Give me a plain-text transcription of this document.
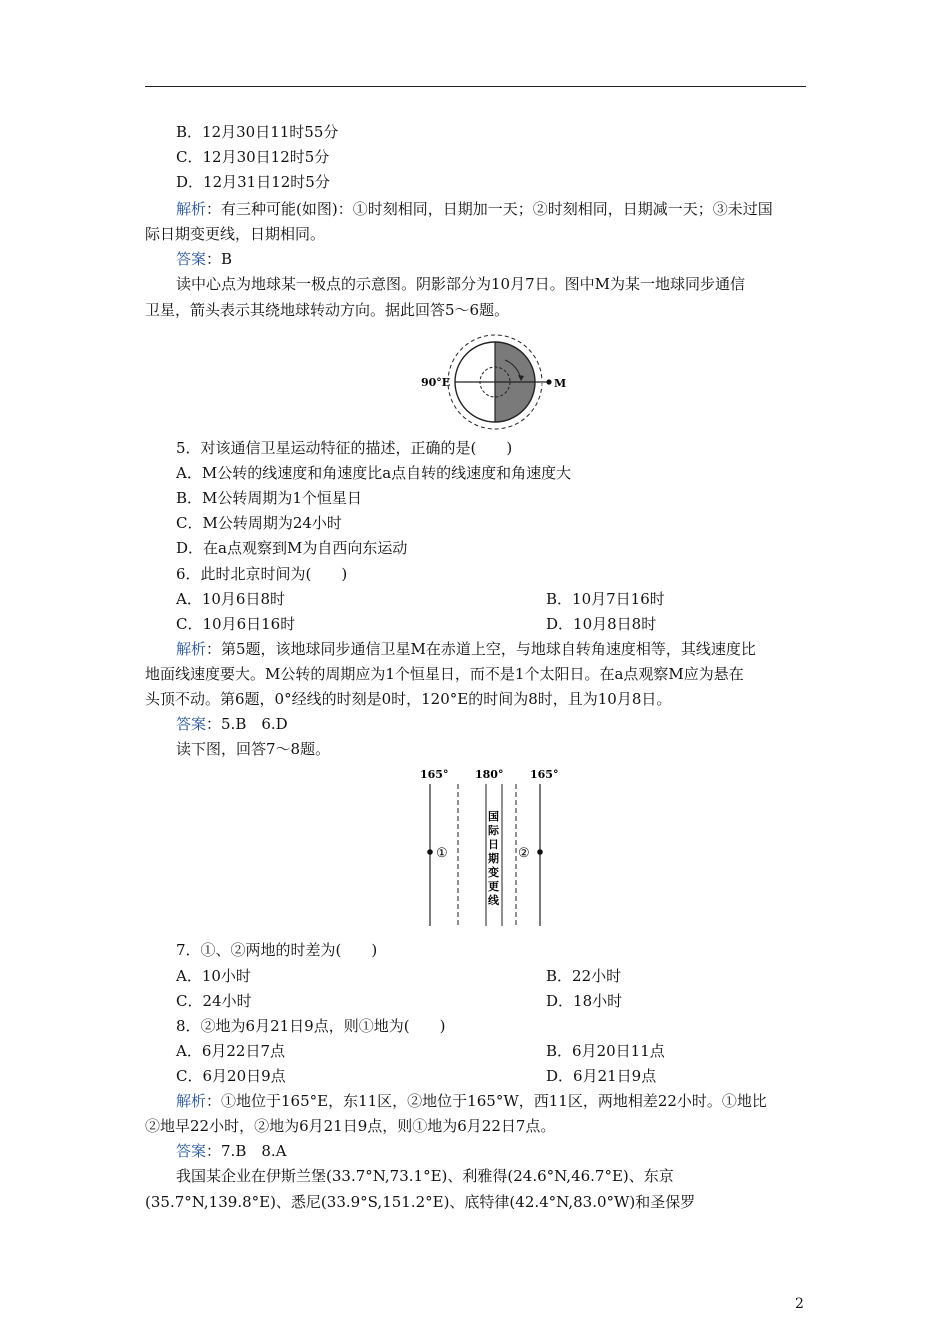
B．12月30日11时55分
C．12月30日12时5分
D．12月31日12时5分
解析：有三种可能(如图)：①时刻相同，日期加一天；②时刻相同，日期减一天；③未过国
际日期变更线，日期相同。
答案：B
读中心点为地球某一极点的示意图。阴影部分为10月7日。图中M为某一地球同步通信
卫星，箭头表示其绕地球转动方向。据此回答5～6题。
90°E	a M
5．对该通信卫星运动特征的描述，正确的是(　　)
A．M公转的线速度和角速度比a点自转的线速度和角速度大
B．M公转周期为1个恒星日
C．M公转周期为24小时
D．在a点观察到M为自西向东运动
6．此时北京时间为(　　)
A．10月6日8时	B．10月7日16时
C．10月6日16时	D．10月8日8时
解析：第5题，该地球同步通信卫星M在赤道上空，与地球自转角速度相等，其线速度比
地面线速度要大。M公转的周期应为1个恒星日，而不是1个太阳日。在a点观察M应为悬在
头顶不动。第6题，0°经线的时刻是0时，120°E的时间为8时，且为10月8日。
答案：5.B　6.D
读下图，回答7～8题。
165° 180° 165°
①	②
国
际
日
期
变
更
线
7．①、②两地的时差为(　　)
A．10小时	B．22小时
C．24小时	D．18小时
8．②地为6月21日9点，则①地为(　　)
A．6月22日7点	B．6月20日11点
C．6月20日9点	D．6月21日9点
解析：①地位于165°E，东11区，②地位于165°W，西11区，两地相差22小时。①地比
②地早22小时，②地为6月21日9点，则①地为6月22日7点。
答案：7.B　8.A
我国某企业在伊斯兰堡(33.7°N,73.1°E)、利雅得(24.6°N,46.7°E)、东京
(35.7°N,139.8°E)、悉尼(33.9°S,151.2°E)、底特律(42.4°N,83.0°W)和圣保罗
2
